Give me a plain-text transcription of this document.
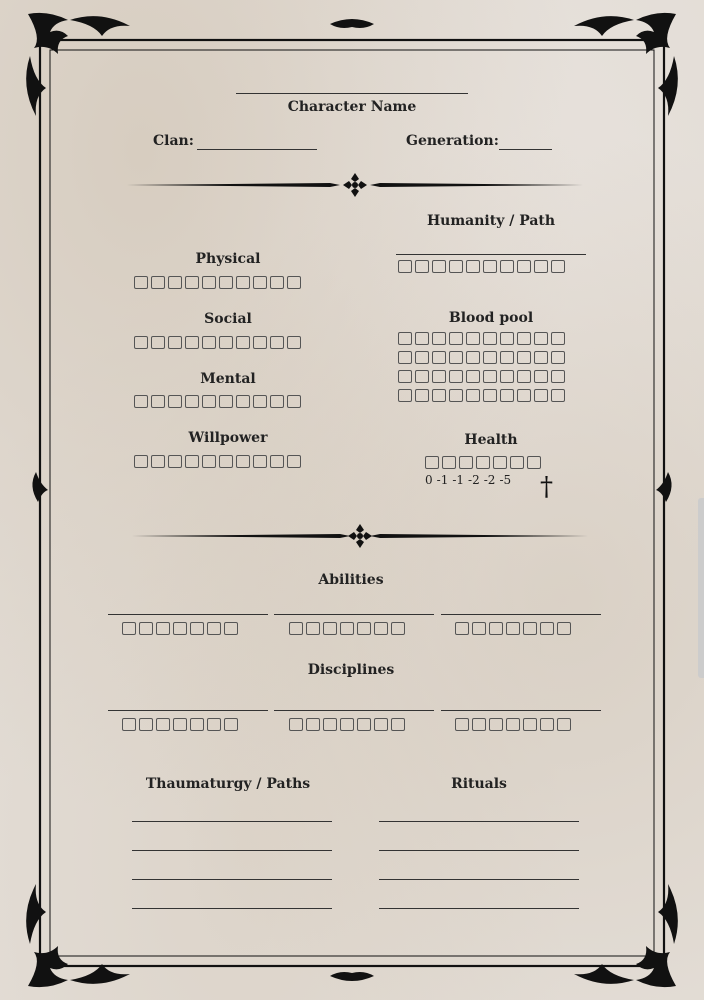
Character Name
Clan:	Generation:
Humanity / Path
Physical
Social
Mental
Willpower
Blood pool
Health
0 -1 -1 -2 -2 -5 †
Abilities
Disciplines
Thaumaturgy / Paths	Rituals
